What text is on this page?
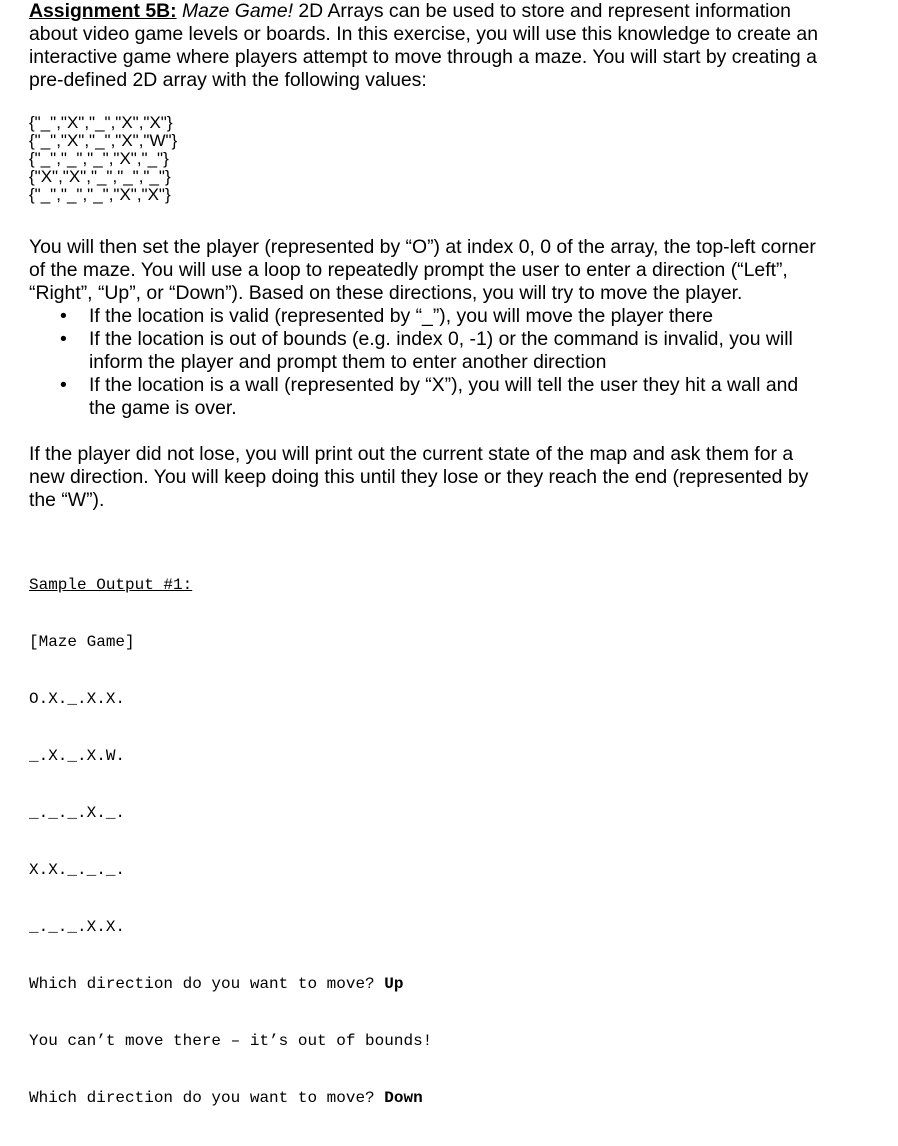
Assignment 5B: Maze Game! 2D Arrays can be used to store and represent information about video game levels or boards. In this exercise, you will use this knowledge to create an interactive game where players attempt to move through a maze. You will start by creating a pre-defined 2D array with the following values:

{"_","X","_","X","X"}
{"_","X","_","X","W"}
{"_","_","_","X","_"}
{"X","X","_","_","_"}
{"_","_","_","X","X"}

You will then set the player (represented by “O”) at index 0, 0 of the array, the top-left corner of the maze. You will use a loop to repeatedly prompt the user to enter a direction (“Left”, “Right”, “Up”, or “Down”). Based on these directions, you will try to move the player.

• If the location is valid (represented by “_”), you will move the player there
• If the location is out of bounds (e.g. index 0, -1) or the command is invalid, you will inform the player and prompt them to enter another direction
• If the location is a wall (represented by “X”), you will tell the user they hit a wall and the game is over.

If the player did not lose, you will print out the current state of the map and ask them for a new direction. You will keep doing this until they lose or they reach the end (represented by the “W”).

Sample Output #1:

[Maze Game]

O.X._.X.X.

_.X._.X.W.

_._._.X._.

X.X._._._.

_._._.X.X.

Which direction do you want to move? Up

You can’t move there – it’s out of bounds!

Which direction do you want to move? Down
